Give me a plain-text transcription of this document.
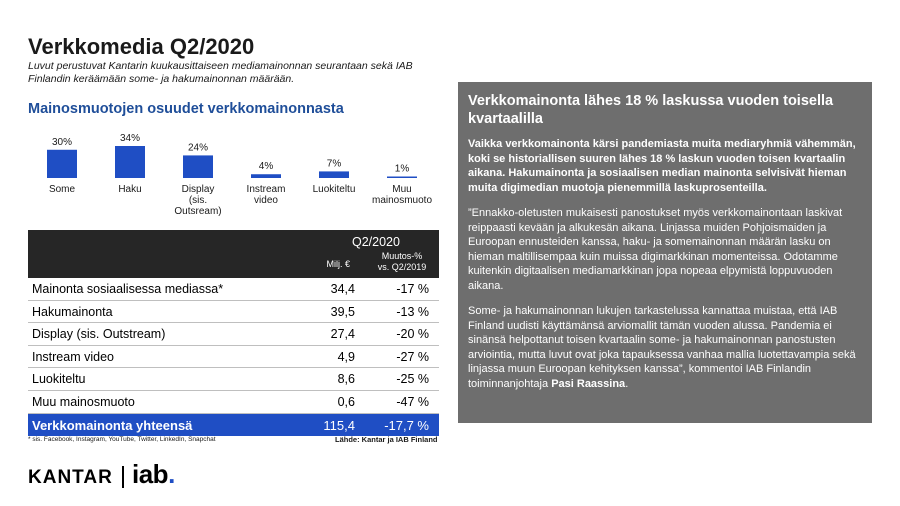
Verkkomedia Q2/2020
Luvut perustuvat Kantarin kuukausittaiseen mediamainonnan seurantaan sekä IAB Finlandin keräämään some- ja hakumainonnan määrään.
Mainosmuotojen osuudet verkkomainonnasta
30%
Some
34%
Haku
24%
Display
(sis.
Outsream)
4%
Instream
video
7%
Luokiteltu
1%
Muu
mainosmuoto
Q2/2020
Milj. €
Muutos-%
vs. Q2/2019
Mainonta sosiaalisessa mediassa*	34,4	-17 %
Hakumainonta	39,5	-13 %
Display (sis. Outstream)	27,4	-20 %
Instream video	4,9	-27 %
Luokiteltu	8,6	-25 %
Muu mainosmuoto	0,6	-47 %
Verkkomainonta yhteensä	115,4 -17,7 %
* sis. Facebook, Instagram, YouTube, Twitter, LinkedIn, Snapchat	Lähde: Kantar ja IAB Finland
KANTAR iab.
Verkkomainonta lähes 18 % laskussa vuoden toisella kvartaalilla

Vaikka verkkomainonta kärsi pandemiasta muita mediaryhmiä vähemmän, koki se historiallisen suuren lähes 18 % laskun vuoden toisen kvartaalin aikana. Hakumainonta ja sosiaalisen median mainonta selvisivät hieman muita digimedian muotoja pienemmillä laskuprosenteilla.

”Ennakko-oletusten mukaisesti panostukset myös verkkomainontaan laskivat reippaasti kevään ja alkukesän aikana. Linjassa muiden Pohjoismaiden ja Euroopan ennusteiden kanssa, haku- ja somemainonnan määrän lasku on hieman maltillisempaa kuin muissa digimarkkinan momenteissa. Odotamme kuitenkin digitaalisen mediamarkkinan jopa nopeaa elpymistä loppuvuoden aikana.

Some- ja hakumainonnan lukujen tarkastelussa kannattaa muistaa, että IAB Finland uudisti käyttämänsä arviomallit tämän vuoden alussa. Pandemia ei sinänsä helpottanut toisen kvartaalin some- ja hakumainonnan panostusten arviointia, mutta luvut ovat joka tapauksessa vanhaa mallia luotettavampia sekä linjassa muun Euroopan kehityksen kanssa”, kommentoi IAB Finlandin toiminnanjohtaja Pasi Raassina.
